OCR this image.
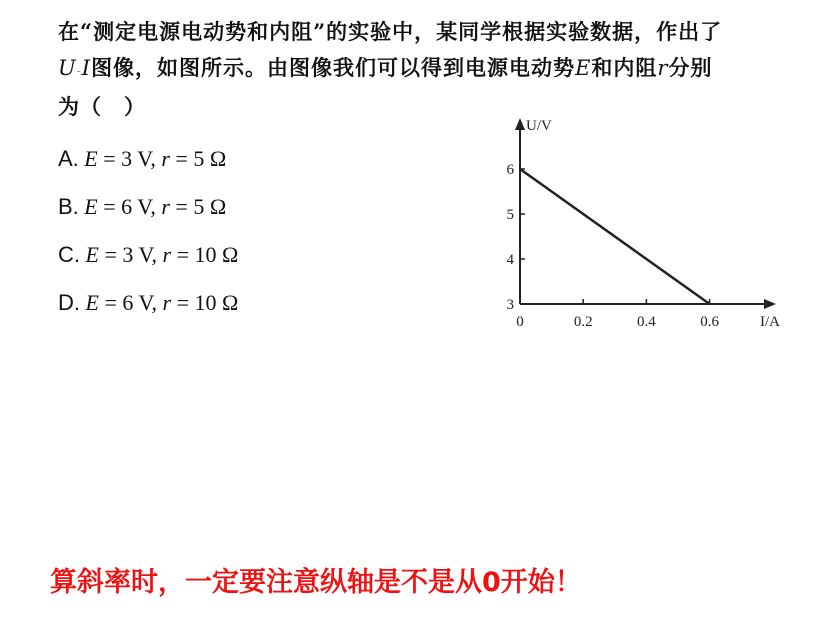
在“测定电源电动势和内阻”的实验中，某同学根据实验数据，作出了
U-I图像，如图所示。由图像我们可以得到电源电动势E和内阻r分别
为（　）
A. E = 3 V, r = 5 Ω
B. E = 6 V, r = 5 Ω
C. E = 3 V, r = 10 Ω
D. E = 6 V, r = 10 Ω
U/V
I/A
0	0.2	0.4	0.6
3
4
5
6
算斜率时，一定要注意纵轴是不是从0开始！
